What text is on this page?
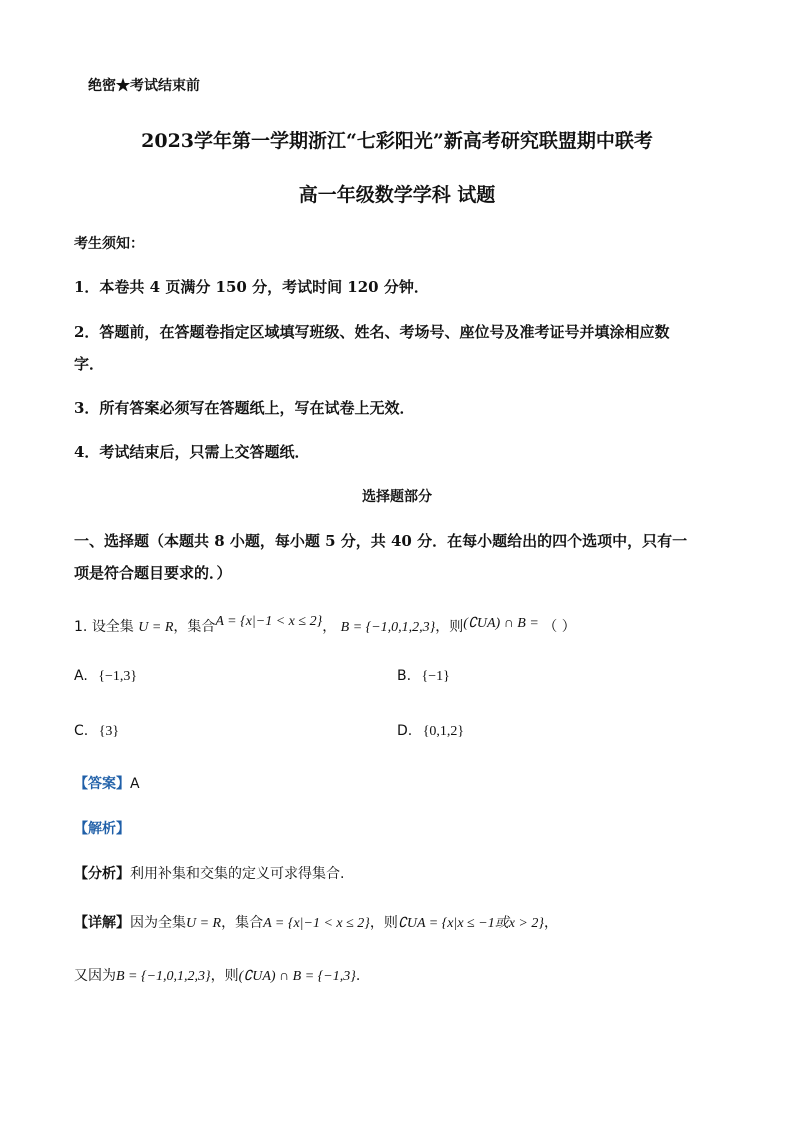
绝密★考试结束前
2023学年第一学期浙江“七彩阳光”新高考研究联盟期中联考
高一年级数学学科 试题
考生须知：
1．本卷共 4 页满分 150 分，考试时间 120 分钟．
2．答题前，在答题卷指定区域填写班级、姓名、考场号、座位号及准考证号并填涂相应数
字．
3．所有答案必须写在答题纸上，写在试卷上无效．
4．考试结束后，只需上交答题纸．
选择题部分
一、选择题（本题共 8 小题，每小题 5 分，共 40 分．在每小题给出的四个选项中，只有一
项是符合题目要求的．）
1. 设全集 U = R，集合A = {x|−1 < x ≤ 2}， B = {−1,0,1,2,3}，则(∁UA) ∩ B = （ ）
A. {−1,3}	B. {−1}
C. {3}	D. {0,1,2}
【答案】A
【解析】
【分析】利用补集和交集的定义可求得集合.
【详解】因为全集U = R，集合A = {x|−1 < x ≤ 2}，则∁UA = {x|x ≤ −1或x > 2}，
又因为B = {−1,0,1,2,3}，则(∁UA) ∩ B = {−1,3}.
